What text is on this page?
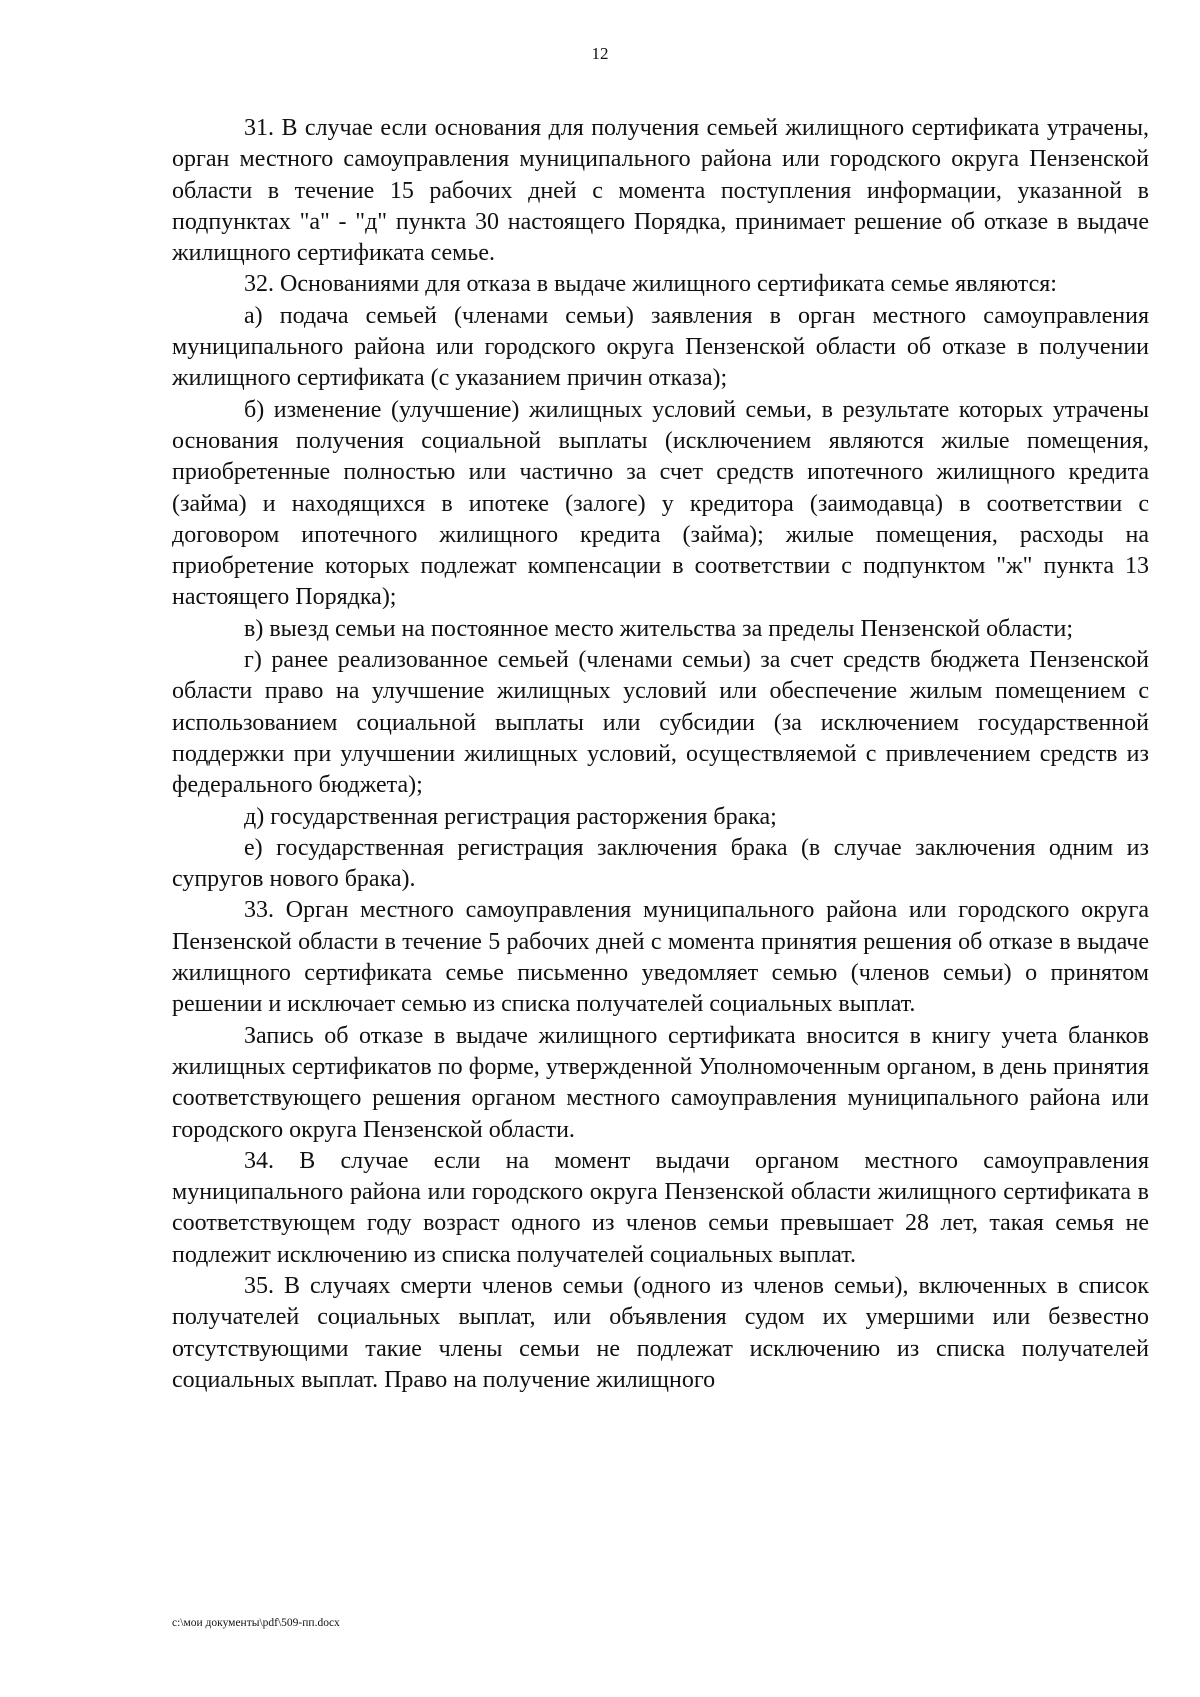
12

31. В случае если основания для получения семьей жилищного сертификата утрачены, орган местного самоуправления муниципального района или городского округа Пензенской области в течение 15 рабочих дней с момента поступления информации, указанной в подпунктах "а" - "д" пункта 30 настоящего Порядка, принимает решение об отказе в выдаче жилищного сертификата семье.

32. Основаниями для отказа в выдаче жилищного сертификата семье являются:

а) подача семьей (членами семьи) заявления в орган местного самоуправления муниципального района или городского округа Пензенской области об отказе в получении жилищного сертификата (с указанием причин отказа);

б) изменение (улучшение) жилищных условий семьи, в результате которых утрачены основания получения социальной выплаты (исключением являются жилые помещения, приобретенные полностью или частично за счет средств ипотечного жилищного кредита (займа) и находящихся в ипотеке (залоге) у кредитора (заимодавца) в соответствии с договором ипотечного жилищного кредита (займа); жилые помещения, расходы на приобретение которых подлежат компенсации в соответствии с подпунктом "ж" пункта 13 настоящего Порядка);

в) выезд семьи на постоянное место жительства за пределы Пензенской области;

г) ранее реализованное семьей (членами семьи) за счет средств бюджета Пензенской области право на улучшение жилищных условий или обеспечение жилым помещением с использованием социальной выплаты или субсидии (за исключением государственной поддержки при улучшении жилищных условий, осуществляемой с привлечением средств из федерального бюджета);

д) государственная регистрация расторжения брака;

е) государственная регистрация заключения брака (в случае заключения одним из супругов нового брака).

33. Орган местного самоуправления муниципального района или городского округа Пензенской области в течение 5 рабочих дней с момента принятия решения об отказе в выдаче жилищного сертификата семье письменно уведомляет семью (членов семьи) о принятом решении и исключает семью из списка получателей социальных выплат.

Запись об отказе в выдаче жилищного сертификата вносится в книгу учета бланков жилищных сертификатов по форме, утвержденной Уполномоченным органом, в день принятия соответствующего решения органом местного самоуправления муниципального района или городского округа Пензенской области.

34. В случае если на момент выдачи органом местного самоуправления муниципального района или городского округа Пензенской области жилищного сертификата в соответствующем году возраст одного из членов семьи превышает 28 лет, такая семья не подлежит исключению из списка получателей социальных выплат.

35. В случаях смерти членов семьи (одного из членов семьи), включенных в список получателей социальных выплат, или объявления судом их умершими или безвестно отсутствующими такие члены семьи не подлежат исключению из списка получателей социальных выплат. Право на получение жилищного

c:\мои документы\pdf\509-пп.docx
